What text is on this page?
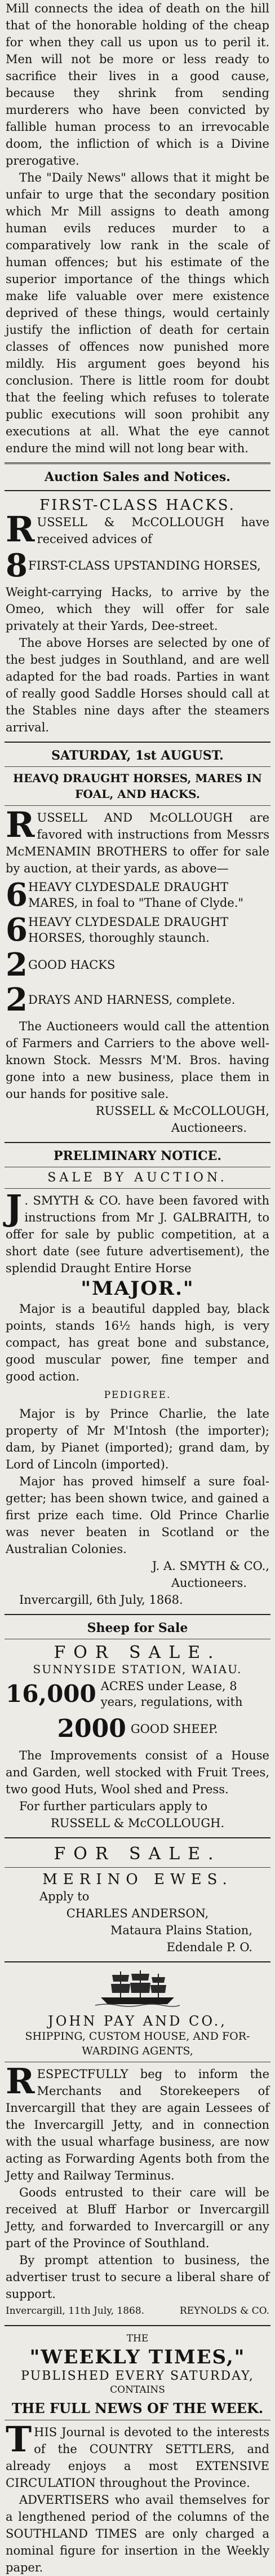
Mill connects the idea of death on the hill that of the honorable holding of the cheap for when they call us upon us to peril it. Men will not be more or less ready to sacrifice their lives in a good cause, because they shrink from sending murderers who have been convicted by fallible human process to an irrevocable doom, the infliction of which is a Divine prerogative.

The "Daily News" allows that it might be unfair to urge that the secondary position which Mr Mill assigns to death among human evils reduces murder to a comparatively low rank in the scale of human offences; but his estimate of the superior importance of the things which make life valuable over mere existence deprived of these things, would certainly justify the infliction of death for certain classes of offences now punished more mildly. His argument goes beyond his conclusion. There is little room for doubt that the feeling which refuses to tolerate public executions will soon prohibit any executions at all. What the eye cannot endure the mind will not long bear with.

Auction Sales and Notices.
FIRST-CLASS HACKS.

RUSSELL & McCOLLOUGH have received advices of

8 FIRST-CLASS UPSTANDING HORSES,

Weight-carrying Hacks, to arrive by the Omeo, which they will offer for sale privately at their Yards, Dee-street.

The above Horses are selected by one of the best judges in Southland, and are well adapted for the bad roads. Parties in want of really good Saddle Horses should call at the Stables nine days after the steamers arrival.

SATURDAY, 1st AUGUST.
HEAVQ DRAUGHT HORSES, MARES IN FOAL, AND HACKS.

RUSSELL AND McOLLOUGH are favored with instructions from Messrs McMENAMIN BROTHERS to offer for sale by auction, at their yards, as above—

6 HEAVY CLYDESDALE DRAUGHT MARES, in foal to "Thane of Clyde."
6 HEAVY CLYDESDALE DRAUGHT HORSES, thoroughly staunch.
2 GOOD HACKS
2 DRAYS AND HARNESS, complete.

The Auctioneers would call the attention of Farmers and Carriers to the above well-known Stock. Messrs M'M. Bros. having gone into a new business, place them in our hands for positive sale.

RUSSELL & McCOLLOUGH,

Auctioneers.

PRELIMINARY NOTICE.
SALE BY AUCTION.

J . SMYTH & CO. have been favored with instructions from Mr J. GALBRAITH, to offer for sale by public competition, at a short date (see future advertisement), the splendid Draught Entire Horse

"MAJOR."

Major is a beautiful dappled bay, black points, stands 16½ hands high, is very compact, has great bone and substance, good muscular power, fine temper and good action.

PEDIGREE.

Major is by Prince Charlie, the late property of Mr M'Intosh (the importer); dam, by Pianet (imported); grand dam, by Lord of Lincoln (imported).

Major has proved himself a sure foal-getter; has been shown twice, and gained a first prize each time. Old Prince Charlie was never beaten in Scotland or the Australian Colonies.

J. A. SMYTH & CO.,

Auctioneers.

Invercargill, 6th July, 1868.

Sheep for Sale
FOR SALE.
SUNNYSIDE STATION, WAIAU.
16,000 ACRES under Lease, 8 years, regulations, with
2000 GOOD SHEEP.

The Improvements consist of a House and Garden, well stocked with Fruit Trees, two good Huts, Wool shed and Press.

For further particulars apply to

RUSSELL & McCOLLOUGH.

FOR SALE.
MERINO EWES.

Apply to

CHARLES ANDERSON,

Mataura Plains Station,

Edendale P. O.

JOHN PAY AND CO.,
SHIPPING, CUSTOM HOUSE, AND FOR-WARDING AGENTS,

RESPECTFULLY beg to inform the Merchants and Storekeepers of Invercargill that they are again Lessees of the Invercargill Jetty, and in connection with the usual wharfage business, are now acting as Forwarding Agents both from the Jetty and Railway Terminus.

Goods entrusted to their care will be received at Bluff Harbor or Invercargill Jetty, and forwarded to Invercargill or any part of the Province of Southland.

By prompt attention to business, the advertiser trust to secure a liberal share of support.

Invercargill, 11th July, 1868.	REYNOLDS & CO.
THE
"WEEKLY TIMES,"
PUBLISHED EVERY SATURDAY,
CONTAINS
THE FULL NEWS OF THE WEEK.

THIS Journal is devoted to the interests of the COUNTRY SETTLERS, and already enjoys a most EXTENSIVE CIRCULATION throughout the Province.

ADVERTISERS who avail themselves for a lengthened period of the columns of the SOUTHLAND TIMES are only charged a nominal figure for insertion in the Weekly paper.
